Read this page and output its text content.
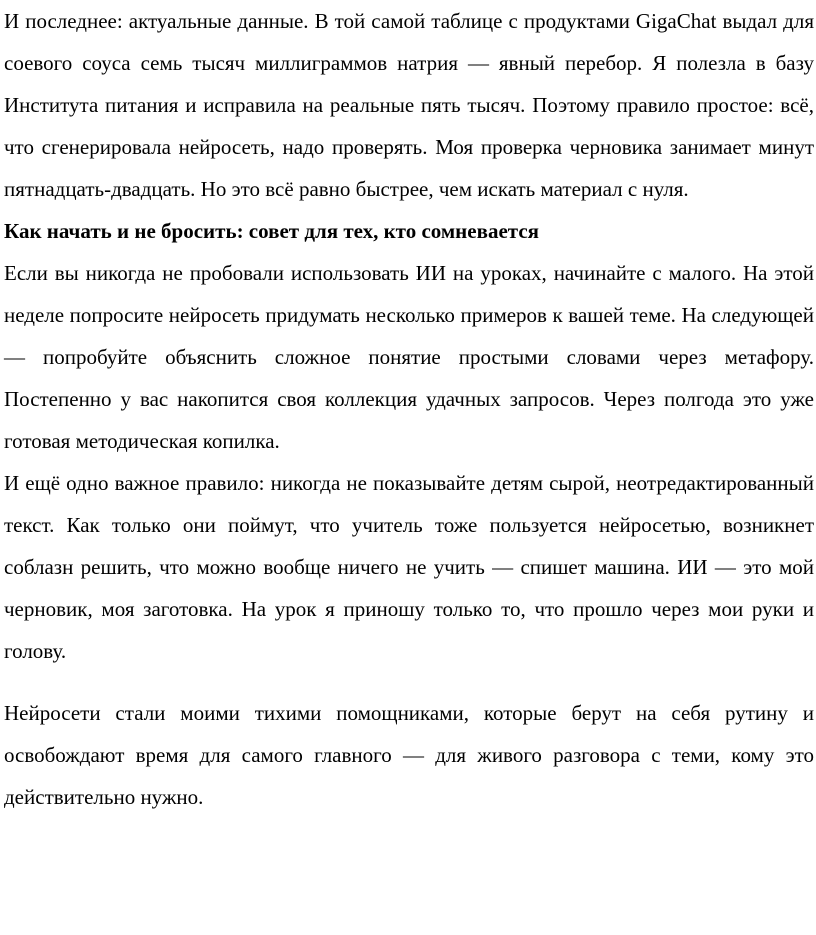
И последнее: актуальные данные. В той самой таблице с продуктами GigaChat выдал для соевого соуса семь тысяч миллиграммов натрия — явный перебор. Я полезла в базу Института питания и исправила на реальные пять тысяч. Поэтому правило простое: всё, что сгенерировала нейросеть, надо проверять. Моя проверка черновика занимает минут пятнадцать-двадцать. Но это всё равно быстрее, чем искать материал с нуля.

Как начать и не бросить: совет для тех, кто сомневается

Если вы никогда не пробовали использовать ИИ на уроках, начинайте с малого. На этой неделе попросите нейросеть придумать несколько примеров к вашей теме. На следующей — попробуйте объяснить сложное понятие простыми словами через метафору. Постепенно у вас накопится своя коллекция удачных запросов. Через полгода это уже готовая методическая копилка.

И ещё одно важное правило: никогда не показывайте детям сырой, неотредактированный текст. Как только они поймут, что учитель тоже пользуется нейросетью, возникнет соблазн решить, что можно вообще ничего не учить — спишет машина. ИИ — это мой черновик, моя заготовка. На урок я приношу только то, что прошло через мои руки и голову.

Нейросети стали моими тихими помощниками, которые берут на себя рутину и освобождают время для самого главного — для живого разговора с теми, кому это действительно нужно.
